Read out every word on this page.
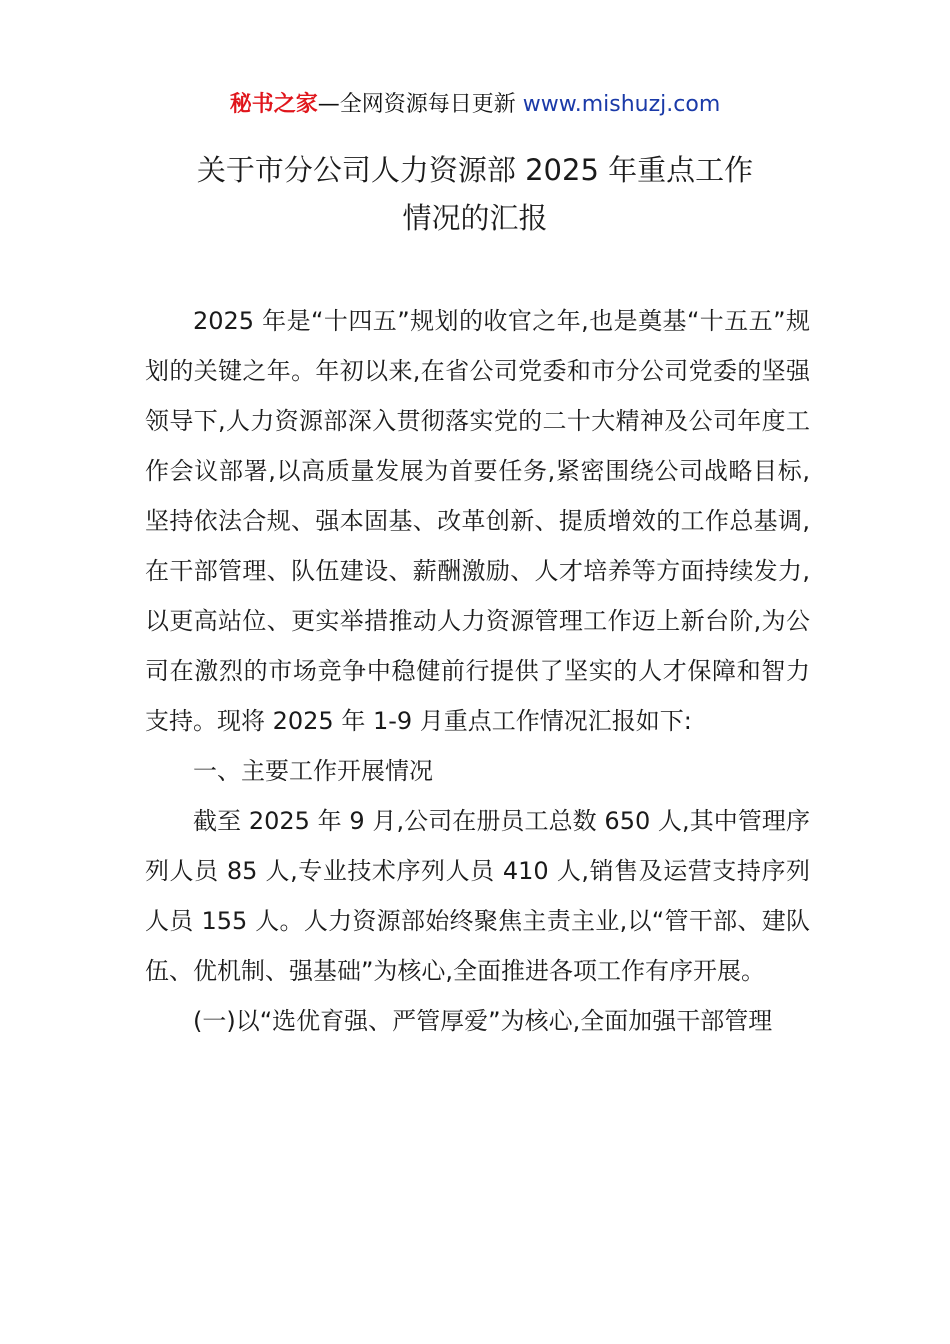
秘书之家—全网资源每日更新 www.mishuzj.com
关于市分公司人力资源部 2025 年重点工作
情况的汇报

2025 年是“十四五”规划的收官之年,也是奠基“十五五”规划的关键之年。年初以来,在省公司党委和市分公司党委的坚强领导下,人力资源部深入贯彻落实党的二十大精神及公司年度工作会议部署,以高质量发展为首要任务,紧密围绕公司战略目标,坚持依法合规、强本固基、改革创新、提质增效的工作总基调,在干部管理、队伍建设、薪酬激励、人才培养等方面持续发力,以更高站位、更实举措推动人力资源管理工作迈上新台阶,为公司在激烈的市场竞争中稳健前行提供了坚实的人才保障和智力支持。现将 2025 年 1-9 月重点工作情况汇报如下:

一、主要工作开展情况

截至 2025 年 9 月,公司在册员工总数 650 人,其中管理序列人员 85 人,专业技术序列人员 410 人,销售及运营支持序列人员 155 人。人力资源部始终聚焦主责主业,以“管干部、建队伍、优机制、强基础”为核心,全面推进各项工作有序开展。

(一)以“选优育强、严管厚爱”为核心,全面加强干部管理
